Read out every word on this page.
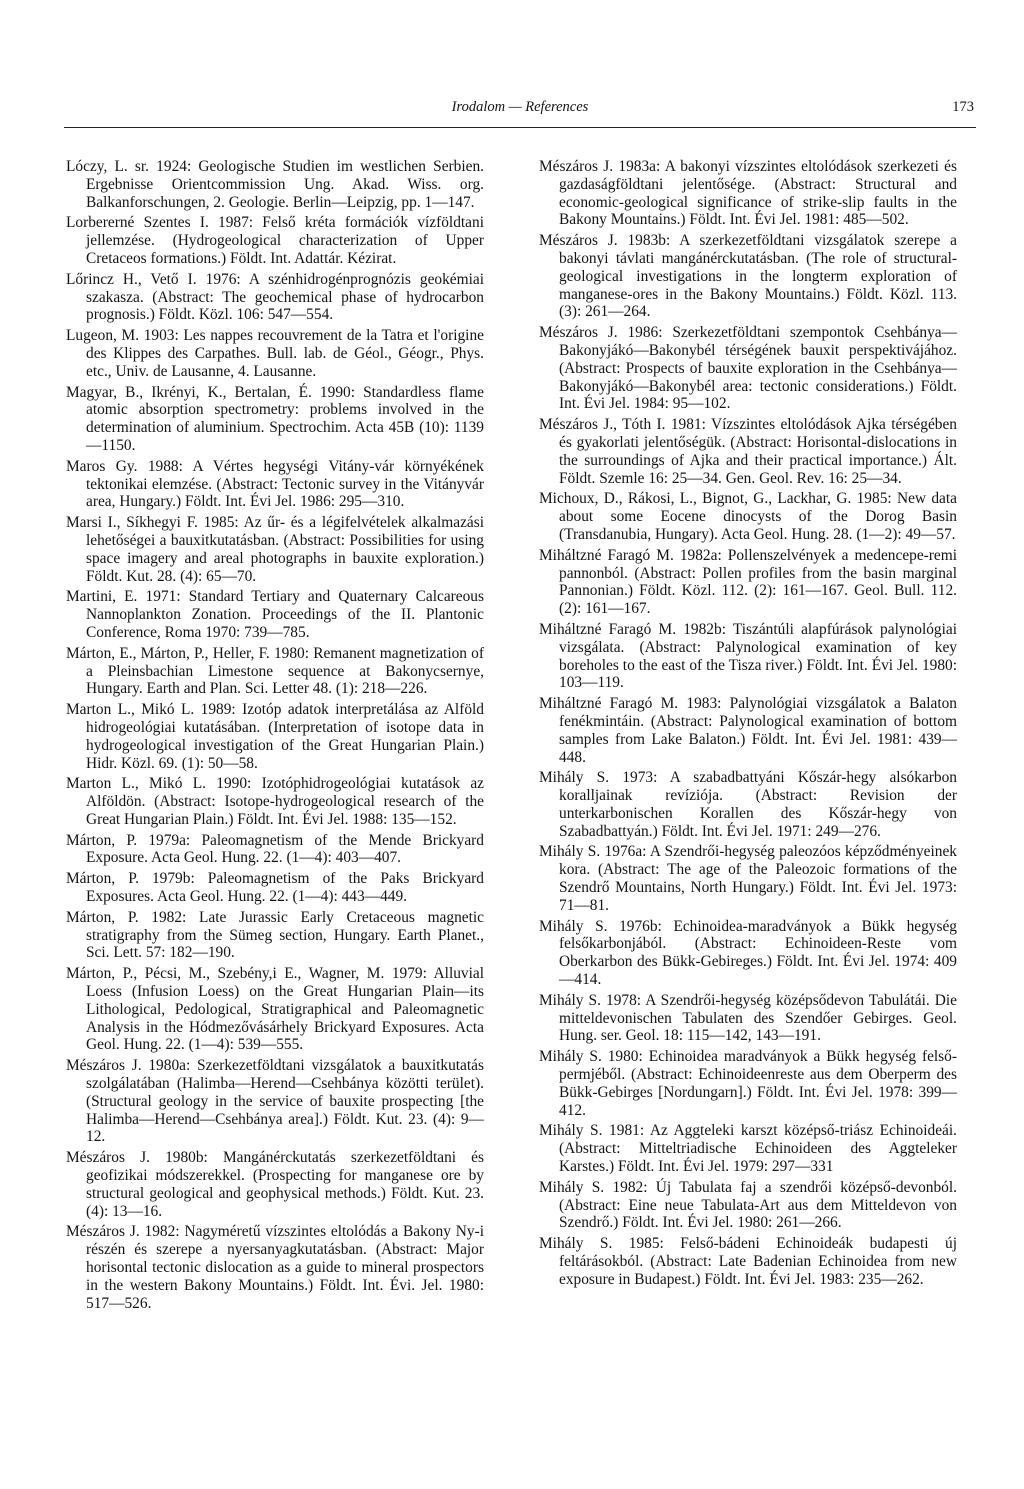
Irodalom — References	173

Lóczy, L. sr. 1924: Geologische Studien im westlichen Serbien. Ergebnisse Orientcommission Ung. Akad. Wiss. org. Balkanforschungen, 2. Geologie. Berlin—Leipzig, pp. 1—147.

Lorbererné Szentes I. 1987: Felső kréta formációk vízföldtani jellemzése. (Hydrogeological characterization of Upper Cretaceos formations.) Földt. Int. Adattár. Kézirat.

Lőrincz H., Vető I. 1976: A szénhidrogénprognózis geokémiai szakasza. (Abstract: The geochemical phase of hydrocarbon prognosis.) Földt. Közl. 106: 547—554.

Lugeon, M. 1903: Les nappes recouvrement de la Tatra et l'origine des Klippes des Carpathes. Bull. lab. de Géol., Géogr., Phys. etc., Univ. de Lausanne, 4. Lausanne.

Magyar, B., Ikrényi, K., Bertalan, É. 1990: Standardless flame atomic absorption spectrometry: problems involved in the determination of aluminium. Spectrochim. Acta 45B (10): 1139—1150.

Maros Gy. 1988: A Vértes hegységi Vitány-vár környékének tektonikai elemzése. (Abstract: Tectonic survey in the Vitányvár area, Hungary.) Földt. Int. Évi Jel. 1986: 295—310.

Marsi I., Síkhegyi F. 1985: Az űr- és a légifelvételek alkalmazási lehetőségei a bauxitkutatásban. (Abstract: Possibilities for using space imagery and areal photographs in bauxite exploration.) Földt. Kut. 28. (4): 65—70.

Martini, E. 1971: Standard Tertiary and Quaternary Calcareous Nannoplankton Zonation. Proceedings of the II. Plantonic Conference, Roma 1970: 739—785.

Márton, E., Márton, P., Heller, F. 1980: Remanent magnetization of a Pleinsbachian Limestone sequence at Bakonycsernye, Hungary. Earth and Plan. Sci. Letter 48. (1): 218—226.

Marton L., Mikó L. 1989: Izotóp adatok interpretálása az Alföld hidrogeológiai kutatásában. (Interpretation of isotope data in hydrogeological investigation of the Great Hungarian Plain.) Hidr. Közl. 69. (1): 50—58.

Marton L., Mikó L. 1990: Izotóphidrogeológiai kutatások az Alföldön. (Abstract: Isotope-hydrogeological research of the Great Hungarian Plain.) Földt. Int. Évi Jel. 1988: 135—152.

Márton, P. 1979a: Paleomagnetism of the Mende Brickyard Exposure. Acta Geol. Hung. 22. (1—4): 403—407.

Márton, P. 1979b: Paleomagnetism of the Paks Brickyard Exposures. Acta Geol. Hung. 22. (1—4): 443—449.

Márton, P. 1982: Late Jurassic Early Cretaceous magnetic stratigraphy from the Sümeg section, Hungary. Earth Planet., Sci. Lett. 57: 182—190.

Márton, P., Pécsi, M., Szebény,i E., Wagner, M. 1979: Alluvial Loess (Infusion Loess) on the Great Hungarian Plain—its Lithological, Pedological, Stratigraphical and Paleomagnetic Analysis in the Hódmezővásárhely Brickyard Exposures. Acta Geol. Hung. 22. (1—4): 539—555.

Mészáros J. 1980a: Szerkezetföldtani vizsgálatok a bauxitkutatás szolgálatában (Halimba—Herend—Csehbánya közötti terület). (Structural geology in the service of bauxite prospecting [the Halimba—Herend—Csehbánya area].) Földt. Kut. 23. (4): 9—12.

Mészáros J. 1980b: Mangánérckutatás szerkezetföldtani és geofizikai módszerekkel. (Prospecting for manganese ore by structural geological and geophysical methods.) Földt. Kut. 23. (4): 13—16.

Mészáros J. 1982: Nagyméretű vízszintes eltolódás a Bakony Ny-i részén és szerepe a nyersanyagkutatásban. (Abstract: Major horisontal tectonic dislocation as a guide to mineral prospectors in the western Bakony Mountains.) Földt. Int. Évi. Jel. 1980: 517—526.

Mészáros J. 1983a: A bakonyi vízszintes eltolódások szerkezeti és gazdaságföldtani jelentősége. (Abstract: Structural and economic-geological significance of strike-slip faults in the Bakony Mountains.) Földt. Int. Évi Jel. 1981: 485—502.

Mészáros J. 1983b: A szerkezetföldtani vizsgálatok szerepe a bakonyi távlati mangánérckutatásban. (The role of structural-geological investigations in the longterm exploration of manganese-ores in the Bakony Mountains.) Földt. Közl. 113. (3): 261—264.

Mészáros J. 1986: Szerkezetföldtani szempontok Csehbánya—Bakonyjákó—Bakonybél térségének bauxit perspektivájához. (Abstract: Prospects of bauxite exploration in the Csehbánya—Bakonyjákó—Bakonybél area: tectonic considerations.) Földt. Int. Évi Jel. 1984: 95—102.

Mészáros J., Tóth I. 1981: Vízszintes eltolódások Ajka térségében és gyakorlati jelentőségük. (Abstract: Horisontal-dislocations in the surroundings of Ajka and their practical importance.) Ált. Földt. Szemle 16: 25—34. Gen. Geol. Rev. 16: 25—34.

Michoux, D., Rákosi, L., Bignot, G., Lackhar, G. 1985: New data about some Eocene dinocysts of the Dorog Basin (Transdanubia, Hungary). Acta Geol. Hung. 28. (1—2): 49—57.

Miháltzné Faragó M. 1982a: Pollenszelvények a medencepe-remi pannonból. (Abstract: Pollen profiles from the basin marginal Pannonian.) Földt. Közl. 112. (2): 161—167. Geol. Bull. 112. (2): 161—167.

Miháltzné Faragó M. 1982b: Tiszántúli alapfúrások palynológiai vizsgálata. (Abstract: Palynological examination of key boreholes to the east of the Tisza river.) Földt. Int. Évi Jel. 1980: 103—119.

Miháltzné Faragó M. 1983: Palynológiai vizsgálatok a Balaton fenékmintáin. (Abstract: Palynological examination of bottom samples from Lake Balaton.) Földt. Int. Évi Jel. 1981: 439—448.

Mihály S. 1973: A szabadbattyáni Kőszár-hegy alsókarbon koralljainak revíziója. (Abstract: Revision der unterkarbonischen Korallen des Kőszár-hegy von Szabadbattyán.) Földt. Int. Évi Jel. 1971: 249—276.

Mihály S. 1976a: A Szendrői-hegység paleozóos képződményeinek kora. (Abstract: The age of the Paleozoic formations of the Szendrő Mountains, North Hungary.) Földt. Int. Évi Jel. 1973: 71—81.

Mihály S. 1976b: Echinoidea-maradványok a Bükk hegység felsőkarbonjából. (Abstract: Echinoideen-Reste vom Oberkarbon des Bükk-Gebireges.) Földt. Int. Évi Jel. 1974: 409—414.

Mihály S. 1978: A Szendrői-hegység középsődevon Tabulátái. Die mitteldevonischen Tabulaten des Szendőer Gebirges. Geol. Hung. ser. Geol. 18: 115—142, 143—191.

Mihály S. 1980: Echinoidea maradványok a Bükk hegység felső-permjéből. (Abstract: Echinoideenreste aus dem Oberperm des Bükk-Gebirges [Nordungarn].) Földt. Int. Évi Jel. 1978: 399—412.

Mihály S. 1981: Az Aggteleki karszt középső-triász Echinoideái. (Abstract: Mitteltriadische Echinoideen des Aggteleker Karstes.) Földt. Int. Évi Jel. 1979: 297—331

Mihály S. 1982: Új Tabulata faj a szendrői középső-devonból. (Abstract: Eine neue Tabulata-Art aus dem Mitteldevon von Szendrő.) Földt. Int. Évi Jel. 1980: 261—266.

Mihály S. 1985: Felső-bádeni Echinoideák budapesti új feltárásokból. (Abstract: Late Badenian Echinoidea from new exposure in Budapest.) Földt. Int. Évi Jel. 1983: 235—262.
